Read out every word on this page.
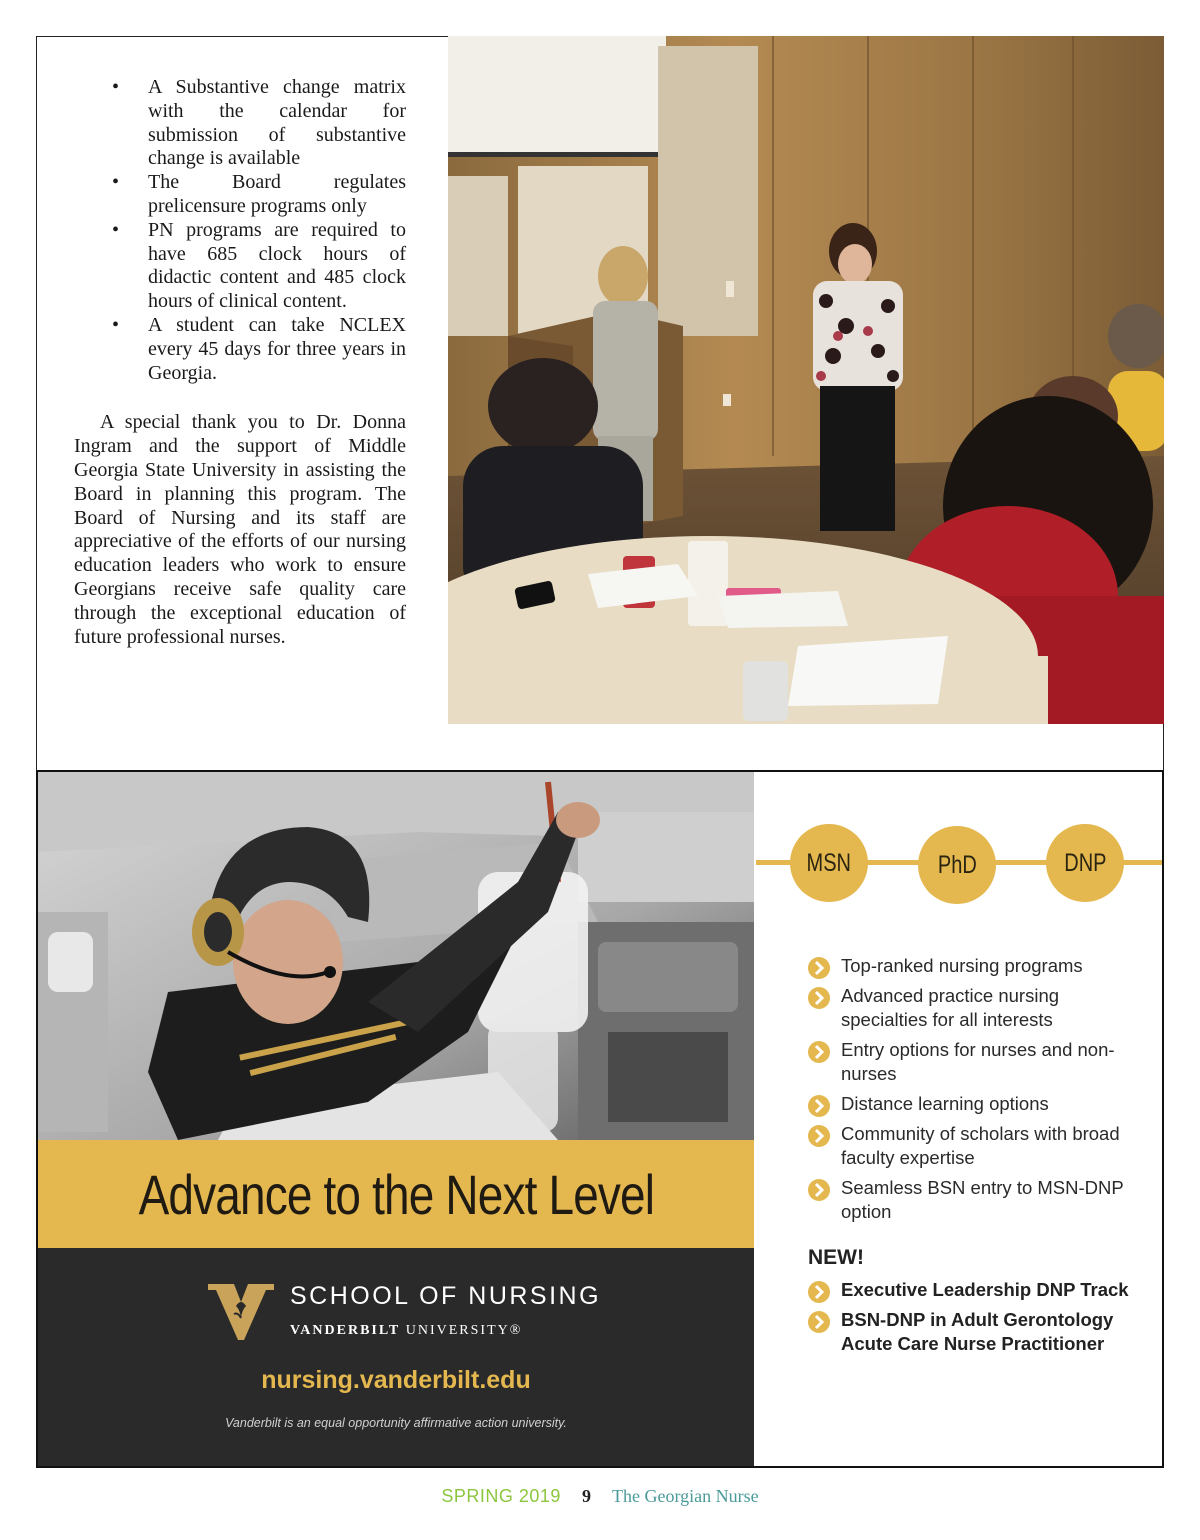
• A Substantive change matrix with the calendar for submission of substantive change is available
• The Board regulates prelicensure programs only
• PN programs are required to have 685 clock hours of didactic content and 485 clock hours of clinical content.
• A student can take NCLEX every 45 days for three years in Georgia.

A special thank you to Dr. Donna Ingram and the support of Middle Georgia State University in assisting the Board in planning this program. The Board of Nursing and its staff are appreciative of the efforts of our nursing education leaders who work to ensure Georgians receive safe quality care through the exceptional education of future professional nurses.

Advance to the Next Level
SCHOOL OF NURSING
VANDERBILT UNIVERSITY®
nursing.vanderbilt.edu
Vanderbilt is an equal opportunity affirmative action university.
MSN	PhD	DNP
Top-ranked nursing programs
Advanced practice nursing specialties for all interests
Entry options for nurses and non-nurses
Distance learning options
Community of scholars with broad faculty expertise
Seamless BSN entry to MSN-DNP option
NEW!
Executive Leadership DNP Track
BSN-DNP in Adult Gerontology Acute Care Nurse Practitioner
SPRING 2019 9 The Georgian Nurse
